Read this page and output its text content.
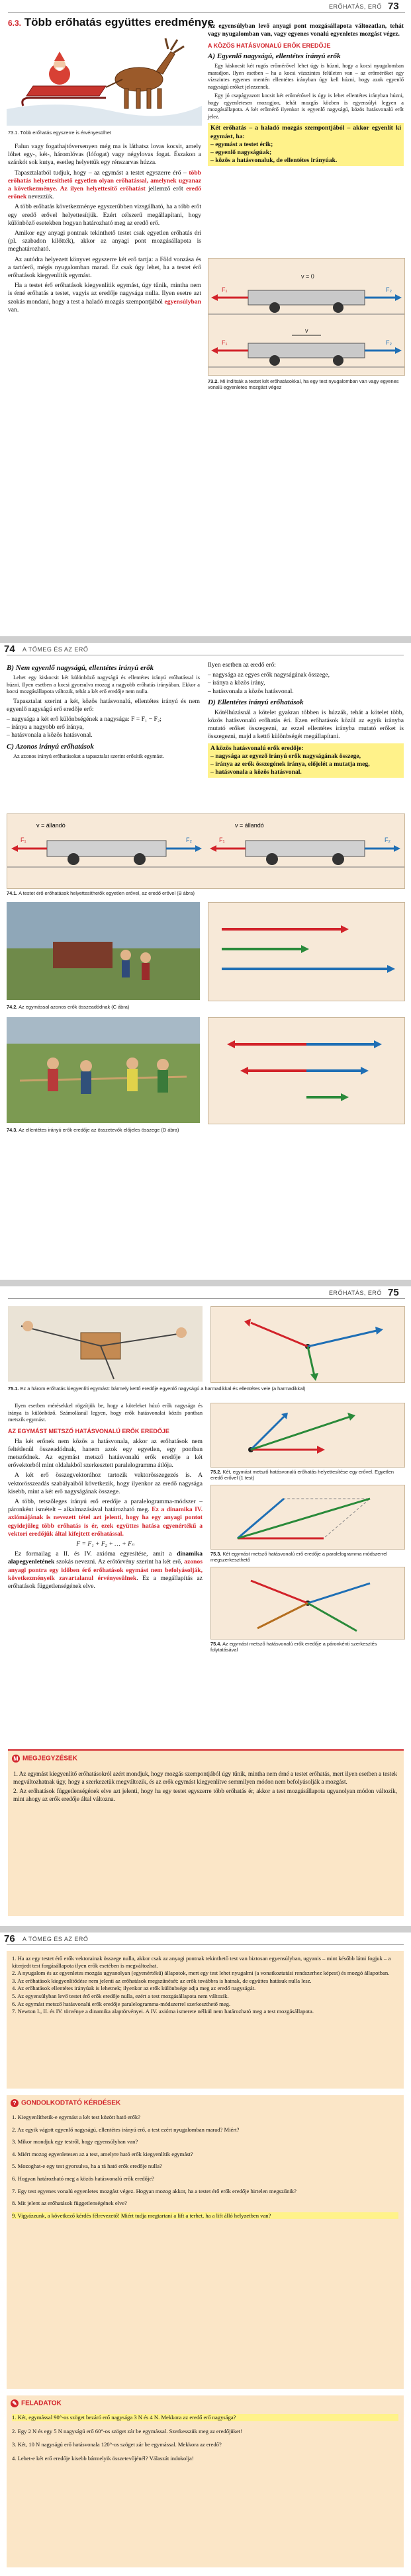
ERŐHATÁS, ERŐ 73
6.3. Több erőhatás együttes eredménye
73.1. Több erőhatás egyszerre is érvényesülhet

Falun vagy fogathajtóversenyen még ma is láthatsz lovas kocsit, amely lóhet egy-, két-, háromlóvas (lófogat) vagy négylovas fogat. Északon a szánkót sok kutya, esetleg helyettük egy rénszarvas húzza.

Tapasztalatból tudjuk, hogy – az egymást a testet egyszerre érő – több erőhatás helyettesíthető egyetlen olyan erőhatással, amelynek ugyanaz a következménye. Az ilyen helyettesítő erőhatást jellemző erőt eredő erőnek nevezzük.

A több erőhatás következménye egyszerűbben vizsgálható, ha a több erőt egy eredő erővel helyettesítjük. Ezért célszerű megállapítani, hogy különböző esetekben hogyan határozható meg az eredő erő.

Amikor egy anyagi pontnak tekinthető testet csak egyetlen erőhatás éri (pl. szabadon kilőtték), akkor az anyagi pont mozgásállapota is meghatározható.

Az autódra helyezett könyvet egyszerre két erő tartja: a Föld vonzása és a tartóerő, mégis nyugalomban marad. Ez csak úgy lehet, ha a testet érő erőhatások kiegyenlítik egymást.

Ha a testet érő erőhatások kiegyenlítik egymást, úgy tűnik, mintha nem is érné erőhatás a testet, vagyis az eredője nagysága nulla. Ilyen esetre azt szokás mondani, hogy a test a haladó mozgás szempontjából egyensúlyban van.

Az egyensúlyban levő anyagi pont mozgásállapota változatlan, tehát vagy nyugalomban van, vagy egyenes vonalú egyenletes mozgást végez.

A KÖZÖS HATÁSVONALÚ ERŐK EREDŐJE
A) Egyenlő nagyságú, ellentétes irányú erők

Egy kiskocsit két rugós erőmérővel lehet úgy is húzni, hogy a kocsi nyugalomban maradjon. Ilyen esetben – ha a kocsi vízszintes felületen van – az erőmérőket egy vízszintes egyenes mentén ellentétes irányban úgy kell húzni, hogy azok egyenlő nagyságú erőket jelezzenek.

Egy jó csapágyazott kocsit két erőmérővel is úgy is lehet ellentétes irányban húzni, hogy egyenletesen mozogjon, tehát mozgás közben is egyensúlyi legyen a mozgásállapota. A két erőmérő ilyenkor is egyenlő nagyságú, közös hatásvonalú erőt jelez.

Két erőhatás – a haladó mozgás szempontjából – akkor egyenlít ki egymást, ha:
– egymást a testet érik;
– egyenlő nagyságúak;
– közös a hatásvonaluk, de ellentétes irányúak.
F₁	F₂
v = 0
F₁	F₂
v
73.2. Mi indítsák a testet két erőhatásokkal, ha egy test nyugalomban van vagy egyenes vonalú egyenletes mozgást végez
74 A TÖMEG ÉS AZ ERŐ
B) Nem egyenlő nagyságú, ellentétes irányú erők

Lehet egy kiskocsit két különböző nagyságú és ellentétes irányú erőhatással is húzni. Ilyen esetben a kocsi gyorsulva mozog a nagyobb erőhatás irányában. Ekkor a kocsi mozgásállapota változik, tehát a két erő eredője nem nulla.

Tapasztalat szerint a két, közös hatásvonalú, ellentétes irányú és nem egyenlő nagyságú erő eredője erő:

– nagysága a két erő különbségének a nagysága: F = F₁ − F₂;
– iránya a nagyobb erő iránya,
– hatásvonala a közös hatásvonal.
C) Azonos irányú erőhatások

Az azonos irányú erőhatásokat a tapasztalat szerint erősítik egymást.

Ilyen esetben az eredő erő:

– nagysága az egyes erők nagyságának összege,
– iránya a közös irány,
– hatásvonala a közös hatásvonal.
D) Ellentétes irányú erőhatások

Kötélhúzásnál a kötelet gyakran többen is húzzák, tehát a kötelet több, közös hatásvonalú erőhatás éri. Ezen erőhatások közül az egyik irányba mutató erőket összegezni, az ezzel ellentétes irányba mutató erőket is összegezni, majd a kettő különbségét megállapítani.

A közös hatásvonalú erők eredője:
– nagysága az egyező irányú erők nagyságának összege,
– iránya az erők összegének iránya, előjelét a mutatja meg,
– hatásvonala a közös hatásvonal.
v = állandó
F₁	F₂
v = állandó
F₁	F₂
74.1. A testet érő erőhatások helyettesíthetők egyetlen erővel, az eredő erővel (B ábra)
74.2. Az egymással azonos erők összeadódnak (C ábra)
74.3. Az ellentétes irányú erők eredője az összetevők előjeles összege (D ábra)
ERŐHATÁS, ERŐ 75
75.1. Ez a három erőhatás kiegyenlíti egymást: bármely kettő eredője egyenlő nagyságú a harmadikkal és ellentétes vele (a harmadikkal)

Ilyen esetben mérésekkel rögzítjük be, hogy a köteleket húzó erők nagysága és iránya is különböző. Számolásnál legyen, hogy erők hatásvonalai közös pontban metszik egymást.

AZ EGYMÁST METSZŐ HATÁSVONALÚ ERŐK EREDŐJE

Ha két erőnek nem közös a hatásvonala, akkor az erőhatások nem feltétlenül összeadódnak, hanem azok egy egyetlen, egy pontban metsződnek. Az egymást metsző hatásvonalú erők eredője a két erővektorból mint oldalakból szerkesztett paralelogramma átlója.

A két erő összegvektorához tartozik vektorösszegezés is. A vektorösszeadás szabályaiból következik, hogy ilyenkor az eredő nagysága kisebb, mint a két erő nagyságának összege.

A több, tetszőleges irányú erő eredője a paralelogramma-módszer – páronként ismételt – alkalmazásával határozható meg. Ez a dinamika IV. axiómájának is nevezett tétel azt jelenti, hogy ha egy anyagi pontot egyidejűleg több erőhatás is ér, ezek együttes hatása egyenértékű a vektori eredőjük által kifejtett erőhatással.

F = F₁ + F₂ + … + Fₙ

Ez formailag a II. és IV. axióma egyesítése, amit a dinamika alapegyenletének szokás nevezni. Az erőtörvény szerint ha két erő, azonos anyagi pontra egy időben érő erőhatások egymást nem befolyásolják, következményeik zavartalanul érvényesülnek. Ez a megállapítás az erőhatások függetlenségének elve.

75.2. Két, egymást metsző hatásvonalú erőhatás helyettesítése egy erővel. Egyetlen eredő erővel (1 test)
75.3. Két egymást metsző hatásvonalú erő eredője a paralelogramma módszerrel megszerkeszthető
75.4. Az egymást metsző hatásvonalú erők eredője a páronkénti szerkesztés folytatásával
M MEGJEGYZÉSEK

1. Az egymást kiegyenlítő erőhatásokról azért mondjuk, hogy mozgás szempontjából úgy tűnik, mintha nem érné a testet erőhatás, mert ilyen esetben a testek megváltozhatnak úgy, hogy a szerkezetük megváltozik, és az erők egymást kiegyenlítve semmilyen módon nem befolyásolják a mozgást.

2. Az erőhatások függetlenségének elve azt jelenti, hogy ha egy testet egyszerre több erőhatás ér, akkor a test mozgásállapota ugyanolyan módon változik, mint ahogy az erők eredője által változna.

76 A TÖMEG ÉS AZ ERŐ
1. Ha az egy testet érő erők vektorainak összege nulla, akkor csak az anyagi pontnak tekinthető test van biztosan egyensúlyban, ugyanis – mint később látni fogjuk – a kiterjedt test forgásállapota ilyen erők esetében is megváltozhat.
2. A nyugalom és az egyenletes mozgás ugyanolyan (egyenértékű) állapotok, mert egy test lehet nyugalmi (a vonatkoztatási rendszerhez képest) és mozgó állapotban.
3. Az erőhatások kiegyenlítődése nem jelenti az erőhatások megszűnését: az erők továbbra is hatnak, de együttes hatásuk nulla lesz.
4. Az erőhatások ellentétes irányúak is lehetnek; ilyenkor az erők különbsége adja meg az eredő nagyságát.
5. Az egyensúlyban levő testet érő erők eredője nulla, ezért a test mozgásállapota nem változik.
6. Az egymást metsző hatásvonalú erők eredője paralelogramma-módszerrel szerkeszthető meg.
7. Newton I., II. és IV. törvénye a dinamika alaptörvényei. A IV. axióma ismerete nélkül nem határozható meg a test mozgásállapota.
? GONDOLKODTATÓ KÉRDÉSEK
1. Kiegyenlíthetik-e egymást a két test között ható erők?
2. Az egyik vágott egyenlő nagyságú, ellentétes irányú erő, a test ezért nyugalomban marad? Miért?
3. Mikor mondjuk egy testről, hogy egyensúlyban van?
4. Miért mozog egyenletesen az a test, amelyre ható erők kiegyenlítik egymást?
5. Mozoghat-e egy test gyorsulva, ha a rá ható erők eredője nulla?
6. Hogyan határozható meg a közös hatásvonalú erők eredője?
7. Egy test egyenes vonalú egyenletes mozgást végez. Hogyan mozog akkor, ha a testet érő erők eredője hirtelen megszűnik?
8. Mit jelent az erőhatások függetlenségének elve?
9. Vigyázzunk, a következő kérdés félrevezető! Miért tudja megtartani a lift a terhet, ha a lift álló helyzetben van?
✎ FELADATOK
1. Két, egymással 90°-os szöget bezáró erő nagysága 3 N és 4 N. Mekkora az eredő erő nagysága?
2. Egy 2 N és egy 5 N nagyságú erő 60°-os szöget zár be egymással. Szerkesszük meg az eredőjüket!
3. Két, 10 N nagyságú erő hatásvonala 120°-os szöget zár be egymással. Mekkora az eredő?
4. Lehet-e két erő eredője kisebb bármelyik összetevőjénél? Válaszát indokolja!
